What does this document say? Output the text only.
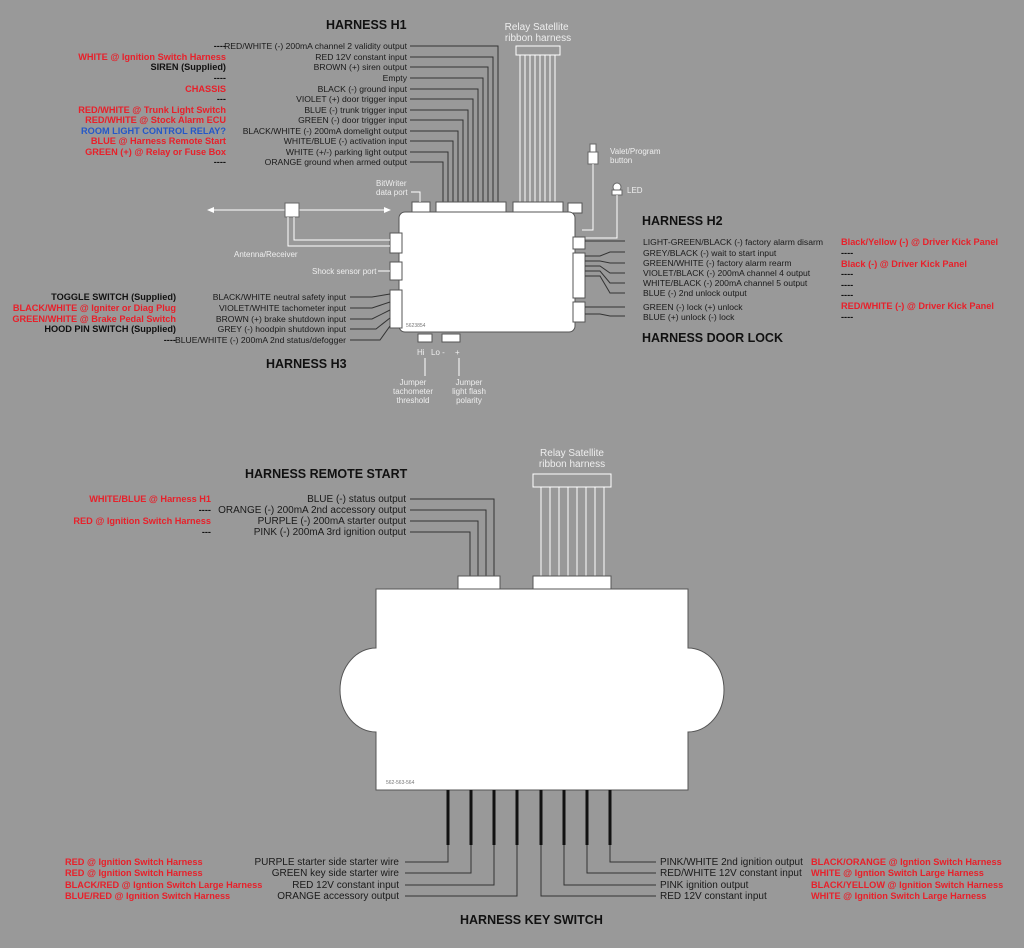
HARNESS H1
HARNESS H2
HARNESS DOOR LOCK
HARNESS H3
HARNESS REMOTE START
HARNESS KEY SWITCH
Relay Satellite ribbon harness
BitWriter data port
Valet/Program button
LED
5623854
Antenna/Receiver
Shock sensor port
Hi Lo - +
Jumper tachometer threshold
Jumper light flash polarity
RED/WHITE (-) 200mA channel 2 validity output
RED 12V constant input
BROWN (+) siren output
Empty
BLACK (-) ground input
VIOLET (+) door trigger input
BLUE (-) trunk trigger input
GREEN (-) door trigger input
BLACK/WHITE (-) 200mA domelight output
WHITE/BLUE (-) activation input
WHITE (+/-) parking light output
ORANGE ground when armed output
----
WHITE @ Ignition Switch Harness
SIREN (Supplied)
----
CHASSIS
---
RED/WHITE @ Trunk Light Switch
RED/WHITE @ Stock Alarm ECU
ROOM LIGHT CONTROL RELAY?
BLUE @ Harness Remote Start
GREEN (+) @ Relay or Fuse Box
----
LIGHT-GREEN/BLACK (-) factory alarm disarm
GREY/BLACK (-) wait to start input
GREEN/WHITE (-) factory alarm rearm
VIOLET/BLACK (-) 200mA channel 4 output
WHITE/BLACK (-) 200mA channel 5 output
BLUE (-) 2nd unlock output
GREEN (-) lock (+) unlock
BLUE (+) unlock (-) lock
Black/Yellow (-) @ Driver Kick Panel
----
Black (-) @ Driver Kick Panel
----
----
----
RED/WHITE (-) @ Driver Kick Panel
----
BLACK/WHITE neutral safety input
VIOLET/WHITE tachometer input
BROWN (+) brake shutdown input
GREY (-) hoodpin shutdown input
BLUE/WHITE (-) 200mA 2nd status/defogger
TOGGLE SWITCH (Supplied)
BLACK/WHITE @ Igniter or Diag Plug
GREEN/WHITE @ Brake Pedal Switch
HOOD PIN SWITCH (Supplied)
----
Relay Satellite ribbon harness
562-563-564
BLUE (-) status output
ORANGE (-) 200mA 2nd accessory output
PURPLE (-) 200mA starter output
PINK (-) 200mA 3rd ignition output
WHITE/BLUE @ Harness H1
----
RED @ Ignition Switch Harness
---
PURPLE starter side starter wire
GREEN key side starter wire
RED 12V constant input
ORANGE accessory output
RED @ Ignition Switch Harness
RED @ Ignition Switch Harness
BLACK/RED @ Igntion Switch Large Harness
BLUE/RED @ Ignition Switch Harness
PINK/WHITE 2nd ignition output
RED/WHITE 12V constant input
PINK ignition output
RED 12V constant input
BLACK/ORANGE @ Igntion Switch Harness
WHITE @ Igntion Switch Large Harness
BLACK/YELLOW @ Ignition Switch Harness
WHITE @ Ignition Switch Large Harness
